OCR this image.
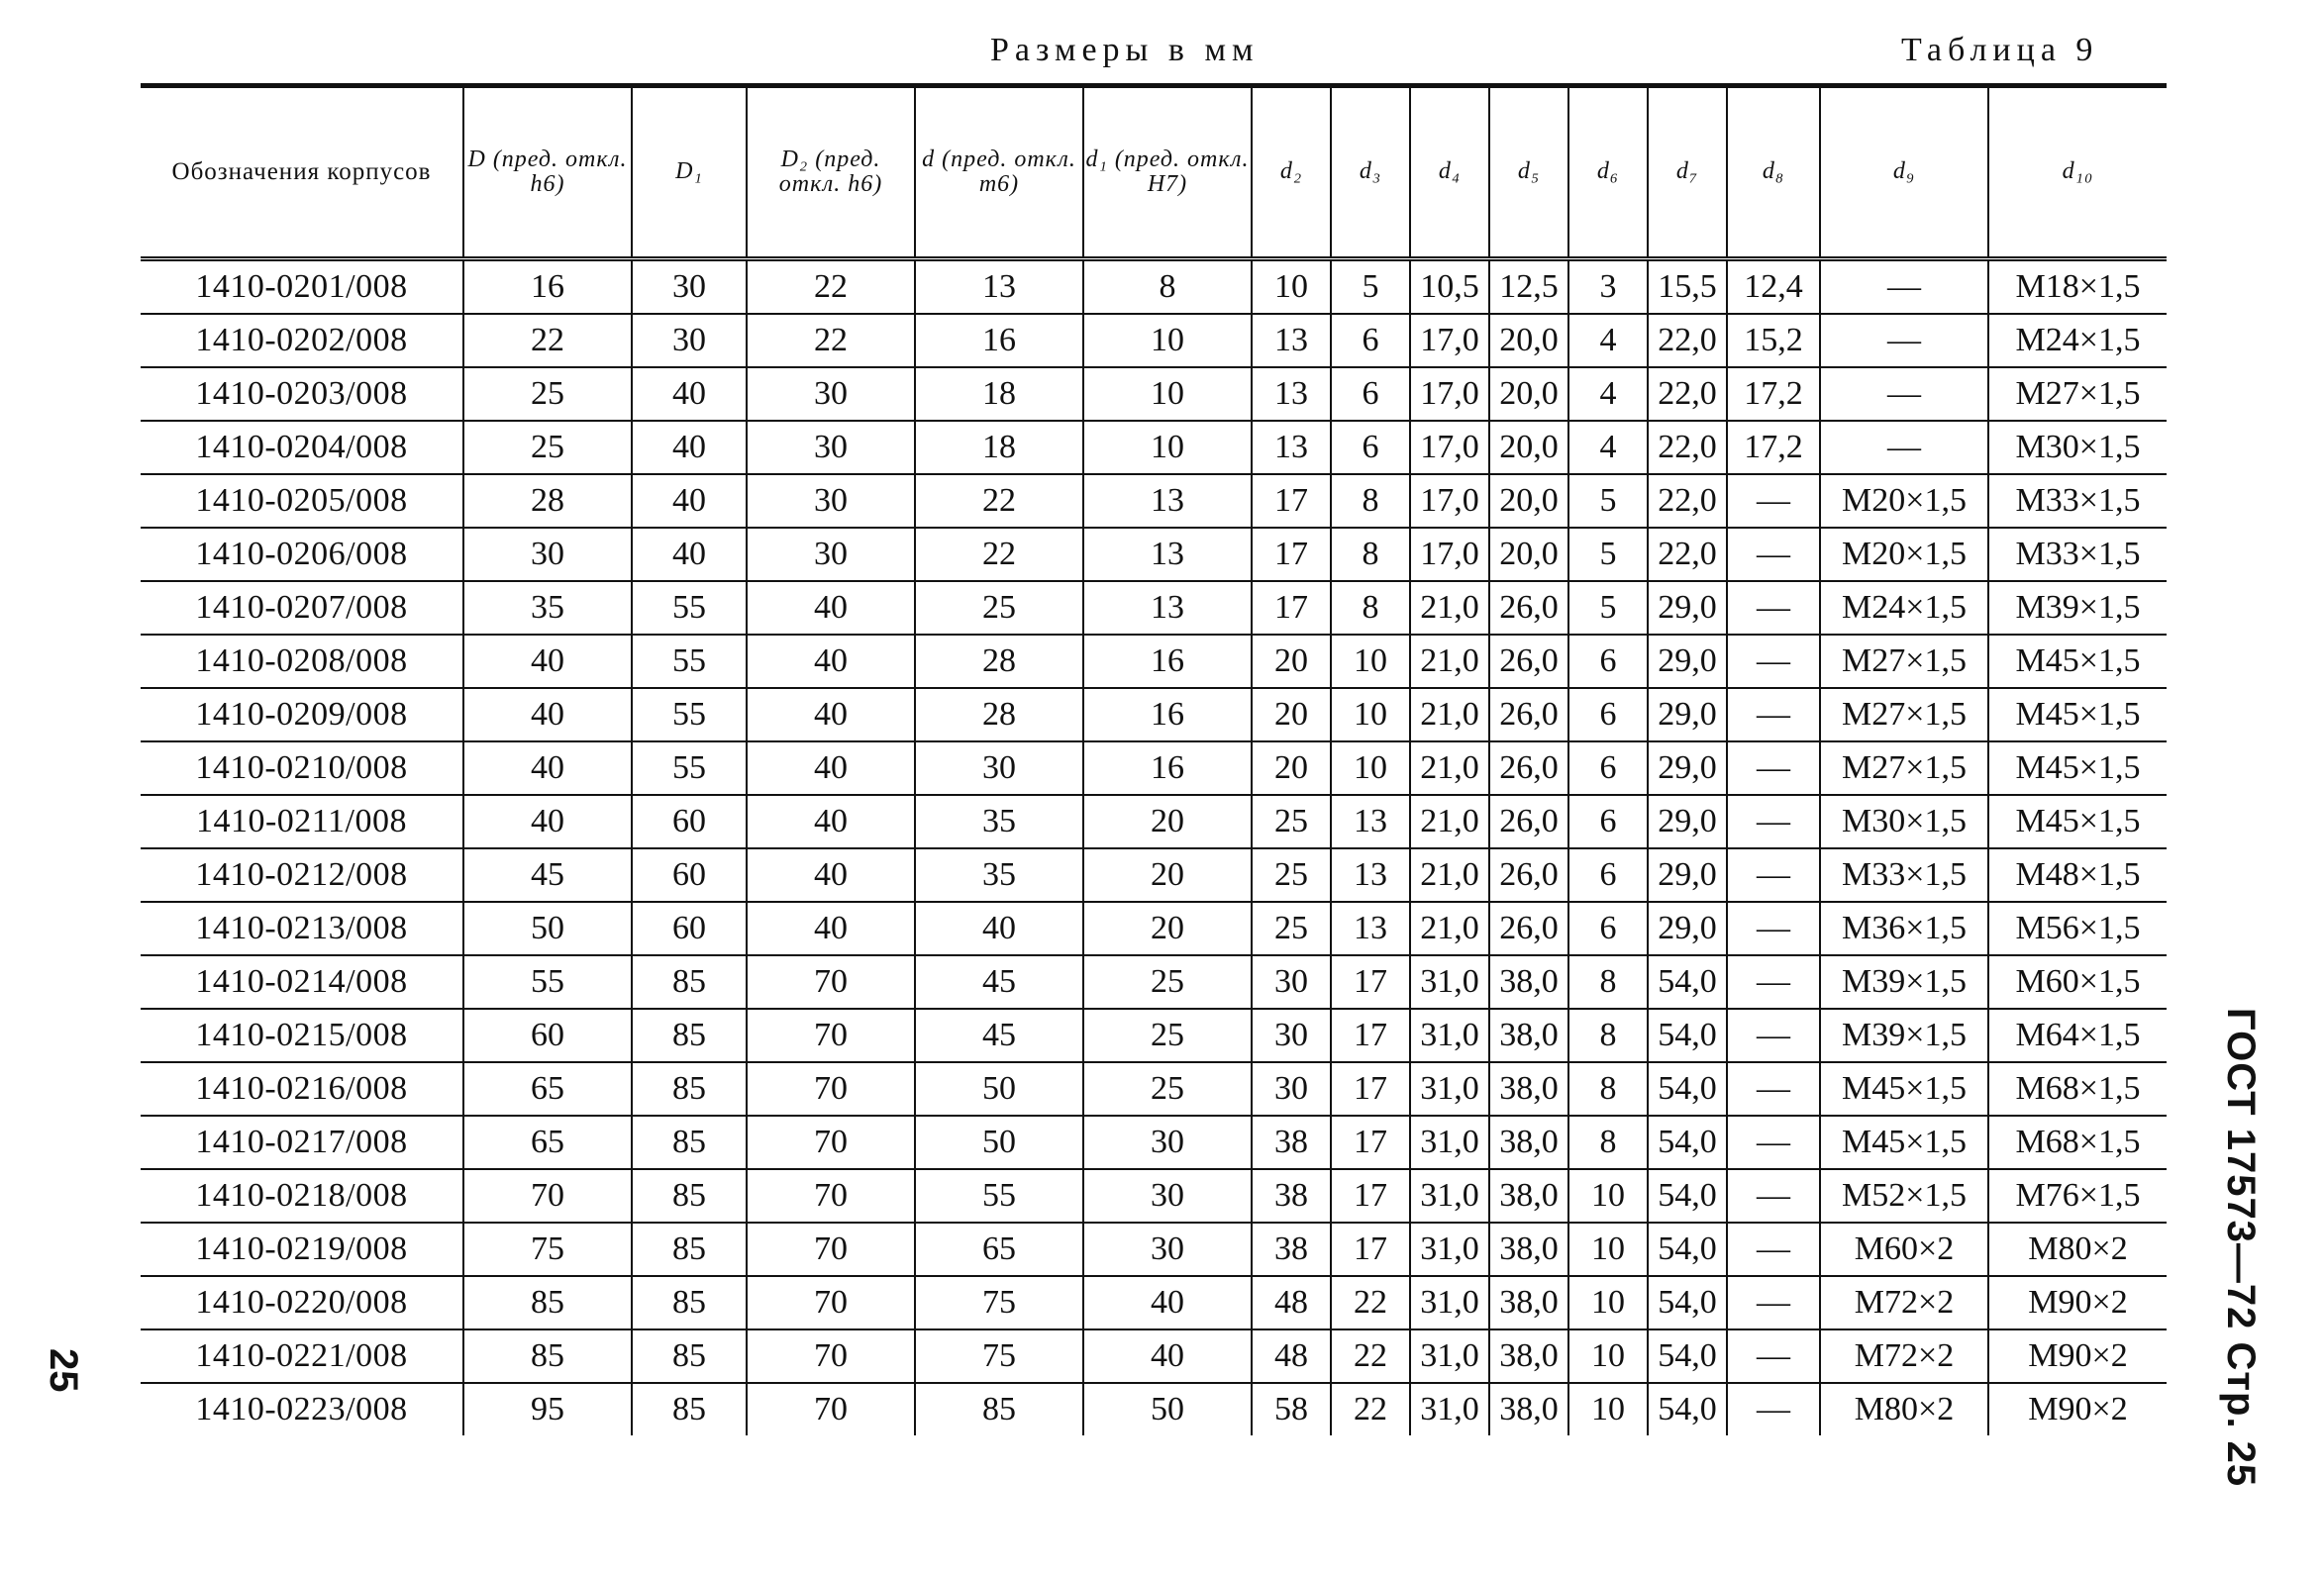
Размеры в мм	Таблица 9
Обозначения корпусов	D (пред. откл. h6)	D₁	D₂ (пред. откл. h6)	d (пред. откл. m6)	d₁ (пред. откл. H7)	d₂	d₃	d₄	d₅	d₆	d₇	d₈	d₉	d₁₀
1410-0201/008	16	30	22	13	8	10	5	10,5	12,5	3	15,5	12,4	—	M18×1,5
1410-0202/008	22	30	22	16	10	13	6	17,0	20,0	4	22,0	15,2	—	M24×1,5
1410-0203/008	25	40	30	18	10	13	6	17,0	20,0	4	22,0	17,2	—	M27×1,5
1410-0204/008	25	40	30	18	10	13	6	17,0	20,0	4	22,0	17,2	—	M30×1,5
1410-0205/008	28	40	30	22	13	17	8	17,0	20,0	5	22,0	—	M20×1,5	M33×1,5
1410-0206/008	30	40	30	22	13	17	8	17,0	20,0	5	22,0	—	M20×1,5	M33×1,5
1410-0207/008	35	55	40	25	13	17	8	21,0	26,0	5	29,0	—	M24×1,5	M39×1,5
1410-0208/008	40	55	40	28	16	20	10	21,0	26,0	6	29,0	—	M27×1,5	M45×1,5
1410-0209/008	40	55	40	28	16	20	10	21,0	26,0	6	29,0	—	M27×1,5	M45×1,5
1410-0210/008	40	55	40	30	16	20	10	21,0	26,0	6	29,0	—	M27×1,5	M45×1,5
1410-0211/008	40	60	40	35	20	25	13	21,0	26,0	6	29,0	—	M30×1,5	M45×1,5
1410-0212/008	45	60	40	35	20	25	13	21,0	26,0	6	29,0	—	M33×1,5	M48×1,5
1410-0213/008	50	60	40	40	20	25	13	21,0	26,0	6	29,0	—	M36×1,5	M56×1,5
1410-0214/008	55	85	70	45	25	30	17	31,0	38,0	8	54,0	—	M39×1,5	M60×1,5
1410-0215/008	60	85	70	45	25	30	17	31,0	38,0	8	54,0	—	M39×1,5	M64×1,5
1410-0216/008	65	85	70	50	25	30	17	31,0	38,0	8	54,0	—	M45×1,5	M68×1,5
1410-0217/008	65	85	70	50	30	38	17	31,0	38,0	8	54,0	—	M45×1,5	M68×1,5
1410-0218/008	70	85	70	55	30	38	17	31,0	38,0	10	54,0	—	M52×1,5	M76×1,5
1410-0219/008	75	85	70	65	30	38	17	31,0	38,0	10	54,0	—	M60×2	M80×2
1410-0220/008	85	85	70	75	40	48	22	31,0	38,0	10	54,0	—	M72×2	M90×2
1410-0221/008	85	85	70	75	40	48	22	31,0	38,0	10	54,0	—	M72×2	M90×2
1410-0223/008	95	85	70	85	50	58	22	31,0	38,0	10	54,0	—	M80×2	M90×2 ГОСТ 17573—72 Стр. 25
25
